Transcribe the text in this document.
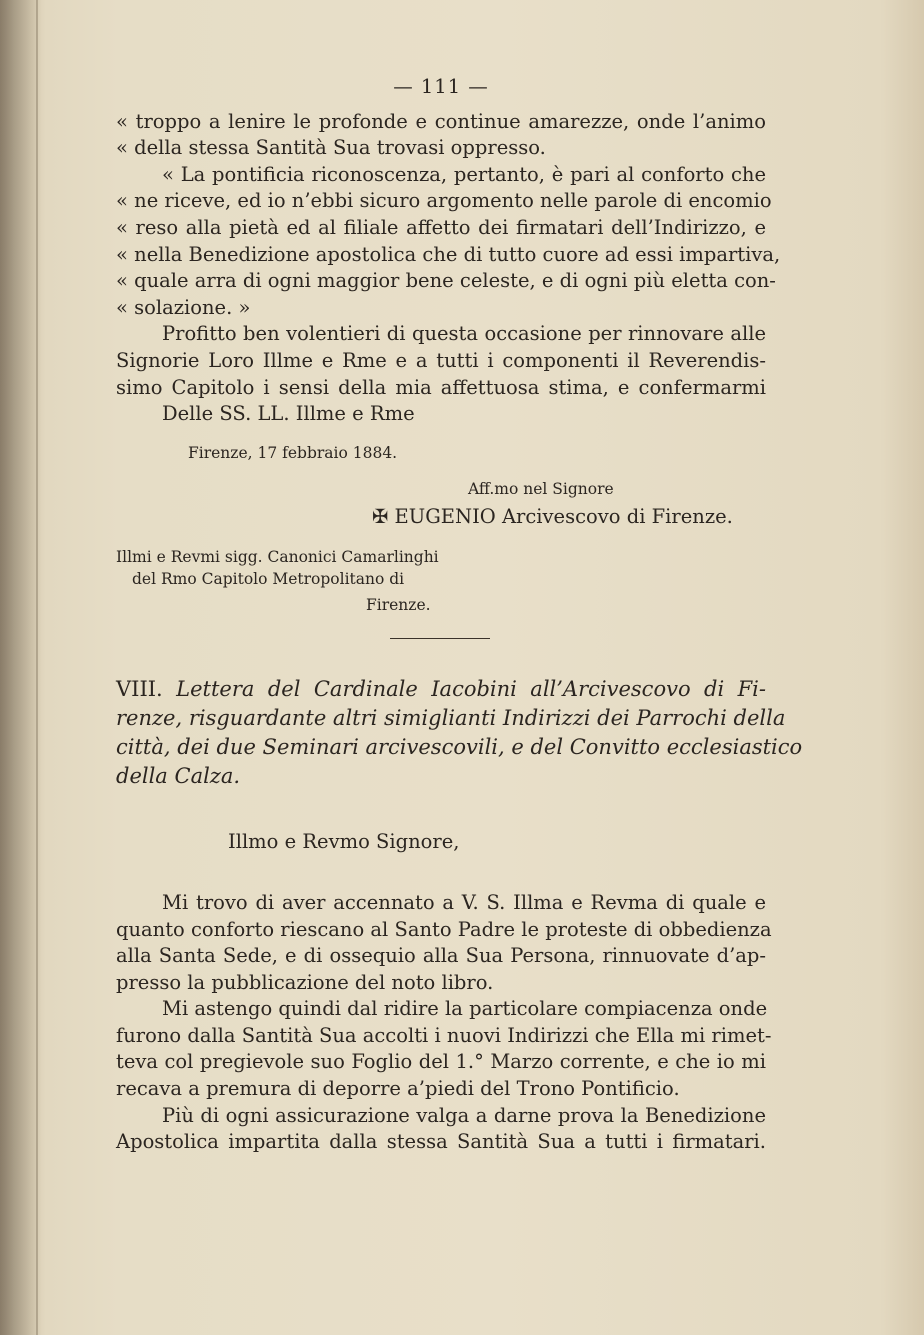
— 111 —
« troppo a lenire le profonde e continue amarezze, onde l’animo
« della stessa Santità Sua trovasi oppresso.
« La pontificia riconoscenza, pertanto, è pari al conforto che
« ne riceve, ed io n’ebbi sicuro argomento nelle parole di encomio
« reso alla pietà ed al filiale affetto dei firmatari dell’Indirizzo, e
« nella Benedizione apostolica che di tutto cuore ad essi impartiva,
« quale arra di ogni maggior bene celeste, e di ogni più eletta con-
« solazione. »
Profitto ben volentieri di questa occasione per rinnovare alle
Signorie Loro Illme e Rme e a tutti i componenti il Reverendis-
simo Capitolo i sensi della mia affettuosa stima, e confermarmi
Delle SS. LL. Illme e Rme
Firenze, 17 febbraio 1884.
Aff.mo nel Signore
✠ EUGENIO Arcivescovo di Firenze.
Illmi e Revmi sigg. Canonici Camarlinghi
del Rmo Capitolo Metropolitano di
Firenze.
VIII. Lettera del Cardinale Iacobini all’Arcivescovo di Fi-
renze, risguardante altri simiglianti Indirizzi dei Parrochi della
città, dei due Seminari arcivescovili, e del Convitto ecclesiastico
della Calza.
Illmo e Revmo Signore,
Mi trovo di aver accennato a V. S. Illma e Revma di quale e
quanto conforto riescano al Santo Padre le proteste di obbedienza
alla Santa Sede, e di ossequio alla Sua Persona, rinnuovate d’ap-
presso la pubblicazione del noto libro.
Mi astengo quindi dal ridire la particolare compiacenza onde
furono dalla Santità Sua accolti i nuovi Indirizzi che Ella mi rimet-
teva col pregievole suo Foglio del 1.° Marzo corrente, e che io mi
recava a premura di deporre a’piedi del Trono Pontificio.
Più di ogni assicurazione valga a darne prova la Benedizione
Apostolica impartita dalla stessa Santità Sua a tutti i firmatari.
